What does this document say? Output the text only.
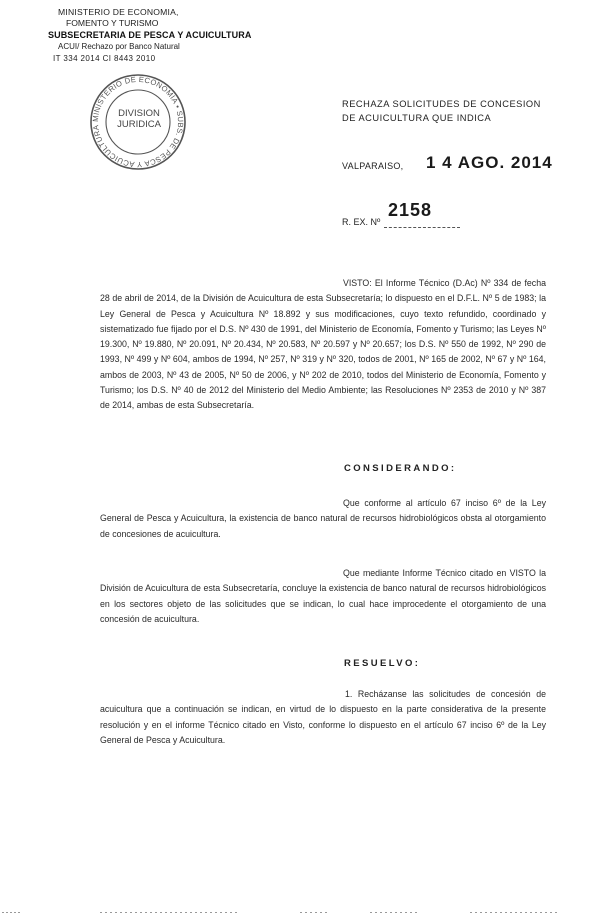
MINISTERIO DE ECONOMIA,
FOMENTO Y TURISMO
SUBSECRETARIA DE PESCA Y ACUICULTURA
ACUI/ Rechazo por Banco Natural
IT 334 2014 CI 8443 2010
MINISTERIO DE ECONOMIA • SUBS. DE PESCA Y ACUICULTURA
DIVISION
JURIDICA
RECHAZA SOLICITUDES DE CONCESION DE ACUICULTURA QUE INDICA
VALPARAISO, 1 4 AGO. 2014
R. EX. Nº
2158

VISTO: El Informe Técnico (D.Ac) Nº 334 de fecha 28 de abril de 2014, de la División de Acuicultura de esta Subsecretaría; lo dispuesto en el D.F.L. Nº 5 de 1983; la Ley General de Pesca y Acuicultura Nº 18.892 y sus modificaciones, cuyo texto refundido, coordinado y sistematizado fue fijado por el D.S. Nº 430 de 1991, del Ministerio de Economía, Fomento y Turismo; las Leyes Nº 19.300, Nº 19.880, Nº 20.091, Nº 20.434, Nº 20.583, Nº 20.597 y Nº 20.657; los D.S. Nº 550 de 1992, Nº 290 de 1993, Nº 499 y Nº 604, ambos de 1994, Nº 257, Nº 319 y Nº 320, todos de 2001, Nº 165 de 2002, Nº 67 y Nº 164, ambos de 2003, Nº 43 de 2005, Nº 50 de 2006, y Nº 202 de 2010, todos del Ministerio de Economía, Fomento y Turismo; los D.S. Nº 40 de 2012 del Ministerio del Medio Ambiente; las Resoluciones Nº 2353 de 2010 y Nº 387 de 2014, ambas de esta Subsecretaría.

CONSIDERANDO:

Que conforme al artículo 67 inciso 6º de la Ley General de Pesca y Acuicultura, la existencia de banco natural de recursos hidrobiológicos obsta al otorgamiento de concesiones de acuicultura.

Que mediante Informe Técnico citado en VISTO la División de Acuicultura de esta Subsecretaría, concluye la existencia de banco natural de recursos hidrobiológicos en los sectores objeto de las solicitudes que se indican, lo cual hace improcedente el otorgamiento de una concesión de acuicultura.

RESUELVO:

1. Recházanse las solicitudes de concesión de acuicultura que a continuación se indican, en virtud de lo dispuesto en la parte considerativa de la presente resolución y en el informe Técnico citado en Visto, conforme lo dispuesto en el artículo 67 inciso 6º de la Ley General de Pesca y Acuicultura.
